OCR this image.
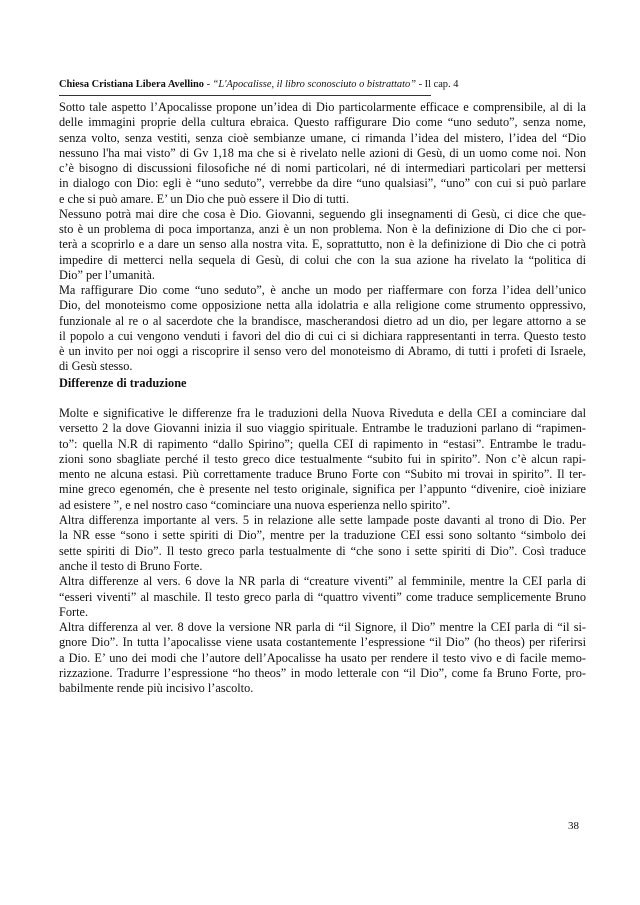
Chiesa Cristiana Libera Avellino - “L'Apocalisse, il libro sconosciuto o bistrattato” - Il cap. 4
Sotto tale aspetto l’Apocalisse propone un’idea di Dio particolarmente efficace e comprensibile, al di la
delle immagini proprie della cultura ebraica. Questo raffigurare Dio come “uno seduto”, senza nome,
senza volto, senza vestiti, senza cioè sembianze umane, ci rimanda l’idea del mistero, l’idea del “Dio
nessuno l'ha mai visto” di Gv 1,18 ma che si è rivelato nelle azioni di Gesù, di un uomo come noi. Non
c’è bisogno di discussioni filosofiche né di nomi particolari, né di intermediari particolari per mettersi
in dialogo con Dio: egli è “uno seduto”, verrebbe da dire “uno qualsiasi”, “uno” con cui si può parlare
e che si può amare. E’ un Dio che può essere il Dio di tutti.
Nessuno potrà mai dire che cosa è Dio. Giovanni, seguendo gli insegnamenti di Gesù, ci dice che que-
sto è un problema di poca importanza, anzi è un non problema. Non è la definizione di Dio che ci por-
terà a scoprirlo e a dare un senso alla nostra vita. E, soprattutto, non è la definizione di Dio che ci potrà
impedire di metterci nella sequela di Gesù, di colui che con la sua azione ha rivelato la “politica di
Dio” per l’umanità.
Ma raffigurare Dio come “uno seduto”, è anche un modo per riaffermare con forza l’idea dell’unico
Dio, del monoteismo come opposizione netta alla idolatria e alla religione come strumento oppressivo,
funzionale al re o al sacerdote che la brandisce, mascherandosi dietro ad un dio, per legare attorno a se
il popolo a cui vengono venduti i favori del dio di cui ci si dichiara rappresentanti in terra. Questo testo
è un invito per noi oggi a riscoprire il senso vero del monoteismo di Abramo, di tutti i profeti di Israele,
di Gesù stesso.
Differenze di traduzione
Molte e significative le differenze fra le traduzioni della Nuova Riveduta e della CEI a cominciare dal
versetto 2 la dove Giovanni inizia il suo viaggio spirituale. Entrambe le traduzioni parlano di “rapimen-
to”: quella N.R di rapimento “dallo Spirino”; quella CEI di rapimento in “estasi”. Entrambe le tradu-
zioni sono sbagliate perché il testo greco dice testualmente “subito fui in spirito”. Non c’è alcun rapi-
mento ne alcuna estasi. Più correttamente traduce Bruno Forte con “Subito mi trovai in spirito”. Il ter-
mine greco egenomén, che è presente nel testo originale, significa per l’appunto “divenire, cioè iniziare
ad esistere ”, e nel nostro caso “cominciare una nuova esperienza nello spirito”.
Altra differenza importante al vers. 5 in relazione alle sette lampade poste davanti al trono di Dio. Per
la NR esse “sono i sette spiriti di Dio”, mentre per la traduzione CEI essi sono soltanto “simbolo dei
sette spiriti di Dio”. Il testo greco parla testualmente di “che sono i sette spiriti di Dio”. Così traduce
anche il testo di Bruno Forte.
Altra differenze al vers. 6 dove la NR parla di “creature viventi” al femminile, mentre la CEI parla di
“esseri viventi” al maschile. Il testo greco parla di “quattro viventi” come traduce semplicemente Bruno
Forte.
Altra differenza al ver. 8 dove la versione NR parla di “il Signore, il Dio” mentre la CEI parla di “il si-
gnore Dio”. In tutta l’apocalisse viene usata costantemente l’espressione “il Dio” (ho theos) per riferirsi
a Dio. E’ uno dei modi che l’autore dell’Apocalisse ha usato per rendere il testo vivo e di facile memo-
rizzazione. Tradurre l’espressione “ho theos” in modo letterale con “il Dio”, come fa Bruno Forte, pro-
babilmente rende più incisivo l’ascolto.
38
